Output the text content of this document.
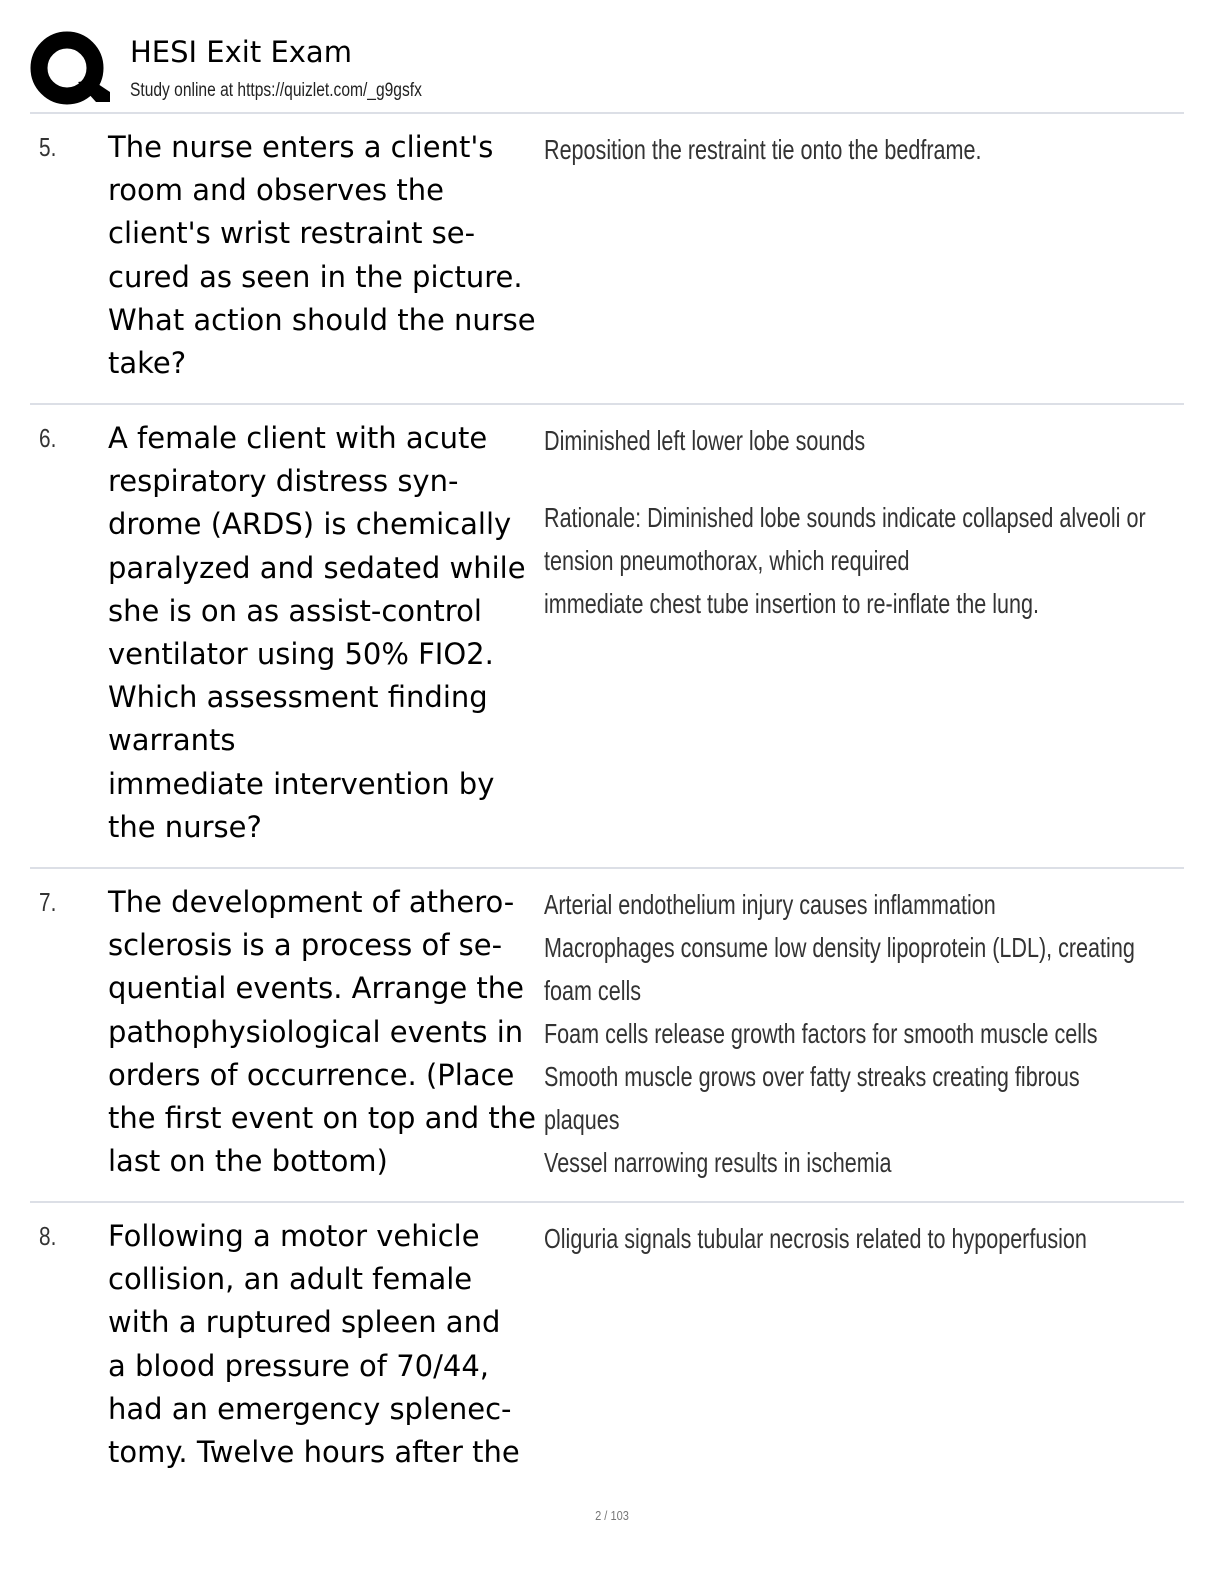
HESI Exit Exam
Study online at https://quizlet.com/_g9gsfx
5. The nurse enters a client's
room and observes the
client's wrist restraint se-
cured as seen in the picture.
What action should the nurse
take?
Reposition the restraint tie onto the bedframe.
6. A female client with acute
respiratory distress syn-
drome (ARDS) is chemically
paralyzed and sedated while
she is on as assist-control
ventilator using 50% FIO2.
Which assessment finding
warrants
immediate intervention by
the nurse?
Diminished left lower lobe sounds
Rationale: Diminished lobe sounds indicate collapsed alveoli or
tension pneumothorax, which required
immediate chest tube insertion to re-inflate the lung.
7. The development of athero-
sclerosis is a process of se-
quential events. Arrange the
pathophysiological events in
orders of occurrence. (Place
the first event on top and the
last on the bottom)
Arterial endothelium injury causes inflammation
Macrophages consume low density lipoprotein (LDL), creating
foam cells
Foam cells release growth factors for smooth muscle cells
Smooth muscle grows over fatty streaks creating fibrous
plaques
Vessel narrowing results in ischemia
8. Following a motor vehicle
collision, an adult female
with a ruptured spleen and
a blood pressure of 70/44,
had an emergency splenec-
tomy. Twelve hours after the
Oliguria signals tubular necrosis related to hypoperfusion
2 / 103
